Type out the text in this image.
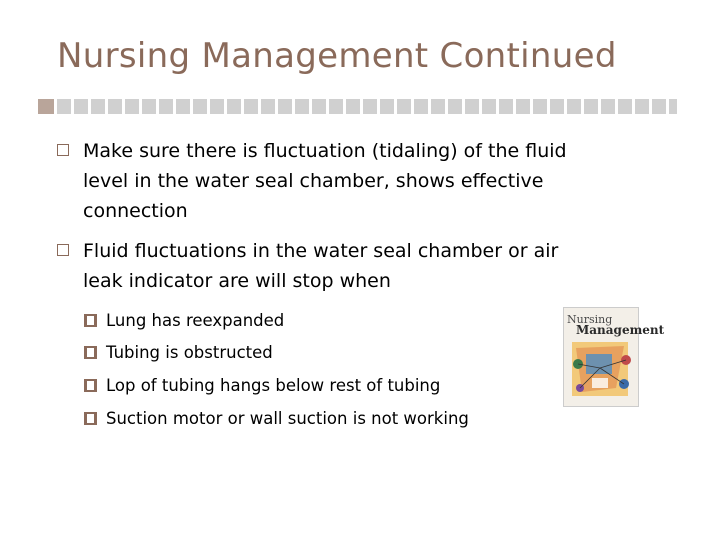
Nursing Management Continued
Make sure there is fluctuation (tidaling) of the fluid
level in the water seal chamber, shows effective
connection
Fluid fluctuations in the water seal chamber or air
leak indicator are will stop when
Lung has reexpanded
Tubing is obstructed
Lop of tubing hangs below rest of tubing
Suction motor or wall suction is not working
Nursing
Management
